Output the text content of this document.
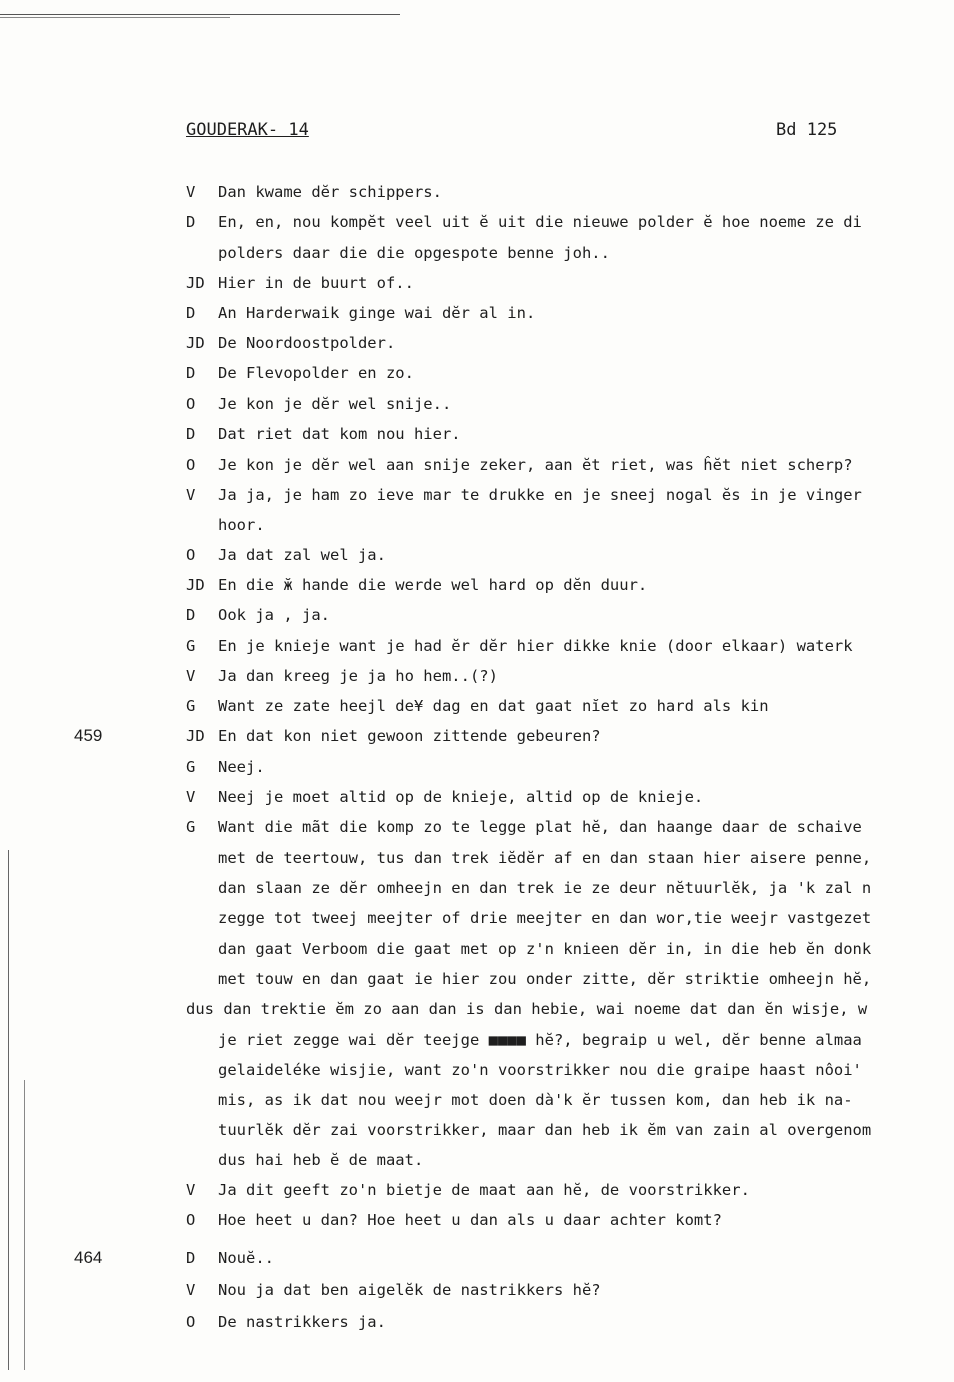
GOUDERAK- 14	Bd 125
459
464
V Dan kwame dĕr schippers.
D En, en, nou kompĕt veel uit ĕ uit die nieuwe polder ĕ hoe noeme ze di
polders daar die die opgespote benne joh..
JD Hier in de buurt of..
D An Harderwaik ginge wai dĕr al in.
JD De Noordoostpolder.
D De Flevopolder en zo.
O Je kon je dĕr wel snije..
D Dat riet dat kom nou hier.
O Je kon je dĕr wel aan snije zeker, aan ĕt riet, was ĥĕt niet scherp?
V Ja ja, je ham zo ieve mar te drukke en je sneej nogal ĕs in je vinger
hoor.
O Ja dat zal wel ja.
JD En die ӂ hande die werde wel hard op dĕn duur.
D Ook ja , ja.
G En je knieje want je had ĕr dĕr hier dikke knie (door elkaar) waterk
V Ja dan kreeg je ja ho hem..(?)
G Want ze zate heejl de¥ dag en dat gaat nĭet zo hard als kin
JD En dat kon niet gewoon zittende gebeuren?
G Neej.
V Neej je moet altid op de knieje, altid op de knieje.
G Want die mãt die komp zo te legge plat hĕ, dan haange daar de schaive
met de teertouw, tus dan trek iĕdĕr af en dan staan hier aisere penne,
dan slaan ze dĕr omheejn en dan trek ie ze deur nĕtuurlĕk, ja 'k zal n
zegge tot tweej meejter of drie meejter en dan wor,tie weejr vastgezet
dan gaat Verboom die gaat met op z'n knieen dĕr in, in die heb ĕn donk
met touw en dan gaat ie hier zou onder zitte, dĕr striktie omheejn hĕ,
dus dan trektie ĕm zo aan dan is dan hebie, wai noeme dat dan ĕn wisje, w
je riet zegge wai dĕr teejge ■■■■ hĕ?, begraip u wel, dĕr benne almaa
gelaideléke wisjie, want zo'n voorstrikker nou die graipe haast nôoi'
mis, as ik dat nou weejr mot doen dà'k ĕr tussen kom, dan heb ik na-
tuurlĕk dĕr zai voorstrikker, maar dan heb ik ĕm van zain al overgenom
dus hai heb ĕ de maat.
V Ja dit geeft zo'n bietje de maat aan hĕ, de voorstrikker.
O Hoe heet u dan? Hoe heet u dan als u daar achter komt?
D Nouĕ..
V Nou ja dat ben aigelĕk de nastrikkers hĕ?
O De nastrikkers ja.
